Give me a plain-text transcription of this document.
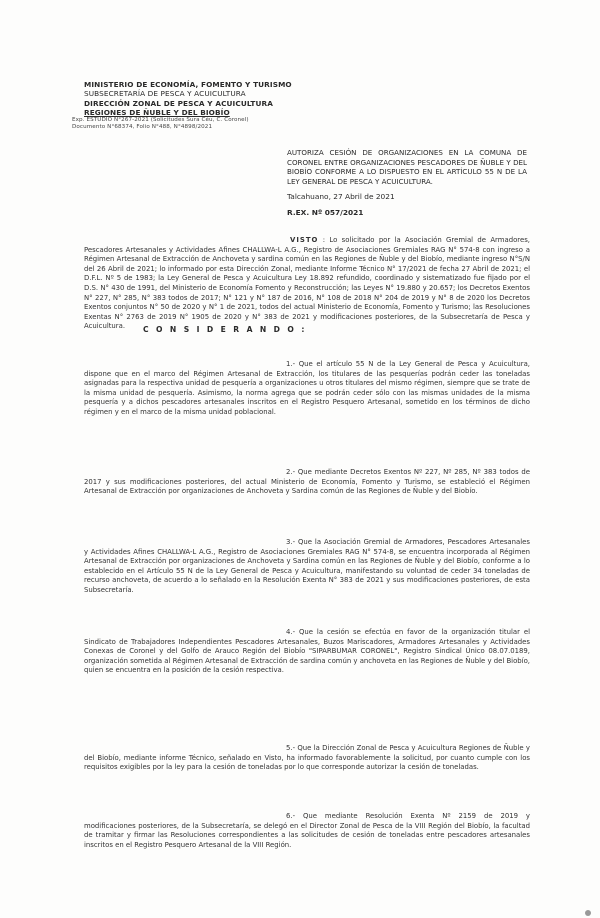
MINISTERIO DE ECONOMÍA, FOMENTO Y TURISMO
SUBSECRETARÍA DE PESCA Y ACUICULTURA
DIRECCIÓN ZONAL DE PESCA Y ACUICULTURA
REGIONES DE ÑUBLE Y DEL BIOBÍO
Exp. ESTUDIO N°267-2021 (Solicitudes Sura Céu, C. Coronel)
Documento N°68374, Folio N°488, N°4898/2021
AUTORIZA CESIÓN DE ORGANIZACIONES EN LA COMUNA DE CORONEL ENTRE ORGANIZACIONES PESCADORES DE ÑUBLE Y DEL BIOBÍO CONFORME A LO DISPUESTO EN EL ARTÍCULO 55 N DE LA LEY GENERAL DE PESCA Y ACUICULTURA.
Talcahuano, 27 Abril de 2021
R.EX. Nº 057/2021
VISTO : Lo solicitado por la Asociación Gremial de Armadores, Pescadores Artesanales y Actividades Afines CHALLWA-L A.G., Registro de Asociaciones Gremiales RAG N° 574-8 con ingreso a Régimen Artesanal de Extracción de Anchoveta y sardina común en las Regiones de Ñuble y del Biobío, mediante ingreso N°S/N del 26 Abril de 2021; lo informado por esta Dirección Zonal, mediante Informe Técnico N° 17/2021 de fecha 27 Abril de 2021; el D.F.L. Nº 5 de 1983; la Ley General de Pesca y Acuicultura Ley 18.892 refundido, coordinado y sistematizado fue fijado por el D.S. N° 430 de 1991, del Ministerio de Economía Fomento y Reconstrucción; las Leyes N° 19.880 y 20.657; los Decretos Exentos N° 227, N° 285, N° 383 todos de 2017; N° 121 y N° 187 de 2016, N° 108 de 2018 N° 204 de 2019 y N° 8 de 2020 los Decretos Exentos conjuntos N° 50 de 2020 y N° 1 de 2021, todos del actual Ministerio de Economía, Fomento y Turismo; las Resoluciones Exentas N° 2763 de 2019 N° 1905 de 2020 y N° 383 de 2021 y modificaciones posteriores, de la Subsecretaría de Pesca y Acuicultura.	C O N S I D E R A N D O :
1.- Que el artículo 55 N de la Ley General de Pesca y Acuicultura, dispone que en el marco del Régimen Artesanal de Extracción, los titulares de las pesquerías podrán ceder las toneladas asignadas para la respectiva unidad de pesquería a organizaciones u otros titulares del mismo régimen, siempre que se trate de la misma unidad de pesquería. Asimismo, la norma agrega que se podrán ceder sólo con las mismas unidades de la misma pesquería y a dichos pescadores artesanales inscritos en el Registro Pesquero Artesanal, sometido en los términos de dicho régimen y en el marco de la misma unidad poblacional.
2.- Que mediante Decretos Exentos Nº 227, Nº 285, Nº 383 todos de 2017 y sus modificaciones posteriores, del actual Ministerio de Economía, Fomento y Turismo, se estableció el Régimen Artesanal de Extracción por organizaciones de Anchoveta y Sardina común de las Regiones de Ñuble y del Biobío.
3.- Que la Asociación Gremial de Armadores, Pescadores Artesanales y Actividades Afines CHALLWA-L A.G., Registro de Asociaciones Gremiales RAG N° 574-8, se encuentra incorporada al Régimen Artesanal de Extracción por organizaciones de Anchoveta y Sardina común en las Regiones de Ñuble y del Biobío, conforme a lo establecido en el Artículo 55 N de la Ley General de Pesca y Acuicultura, manifestando su voluntad de ceder 34 toneladas de recurso anchoveta, de acuerdo a lo señalado en la Resolución Exenta N° 383 de 2021 y sus modificaciones posteriores, de esta Subsecretaría.
4.- Que la cesión se efectúa en favor de la organización titular el Sindicato de Trabajadores Independientes Pescadores Artesanales, Buzos Mariscadores, Armadores Artesanales y Actividades Conexas de Coronel y del Golfo de Arauco Región del Biobío "SIPARBUMAR CORONEL", Registro Sindical Único 08.07.0189, organización sometida al Régimen Artesanal de Extracción de sardina común y anchoveta en las Regiones de Ñuble y del Biobío, quien se encuentra en la posición de la cesión respectiva.
5.- Que la Dirección Zonal de Pesca y Acuicultura Regiones de Ñuble y del Biobío, mediante informe Técnico, señalado en Visto, ha informado favorablemente la solicitud, por cuanto cumple con los requisitos exigibles por la ley para la cesión de toneladas por lo que corresponde autorizar la cesión de toneladas.
6.- Que mediante Resolución Exenta Nº 2159 de 2019 y modificaciones posteriores, de la Subsecretaría, se delegó en el Director Zonal de Pesca de la VIII Región del Biobío, la facultad de tramitar y firmar las Resoluciones correspondientes a las solicitudes de cesión de toneladas entre pescadores artesanales inscritos en el Registro Pesquero Artesanal de la VIII Región.
